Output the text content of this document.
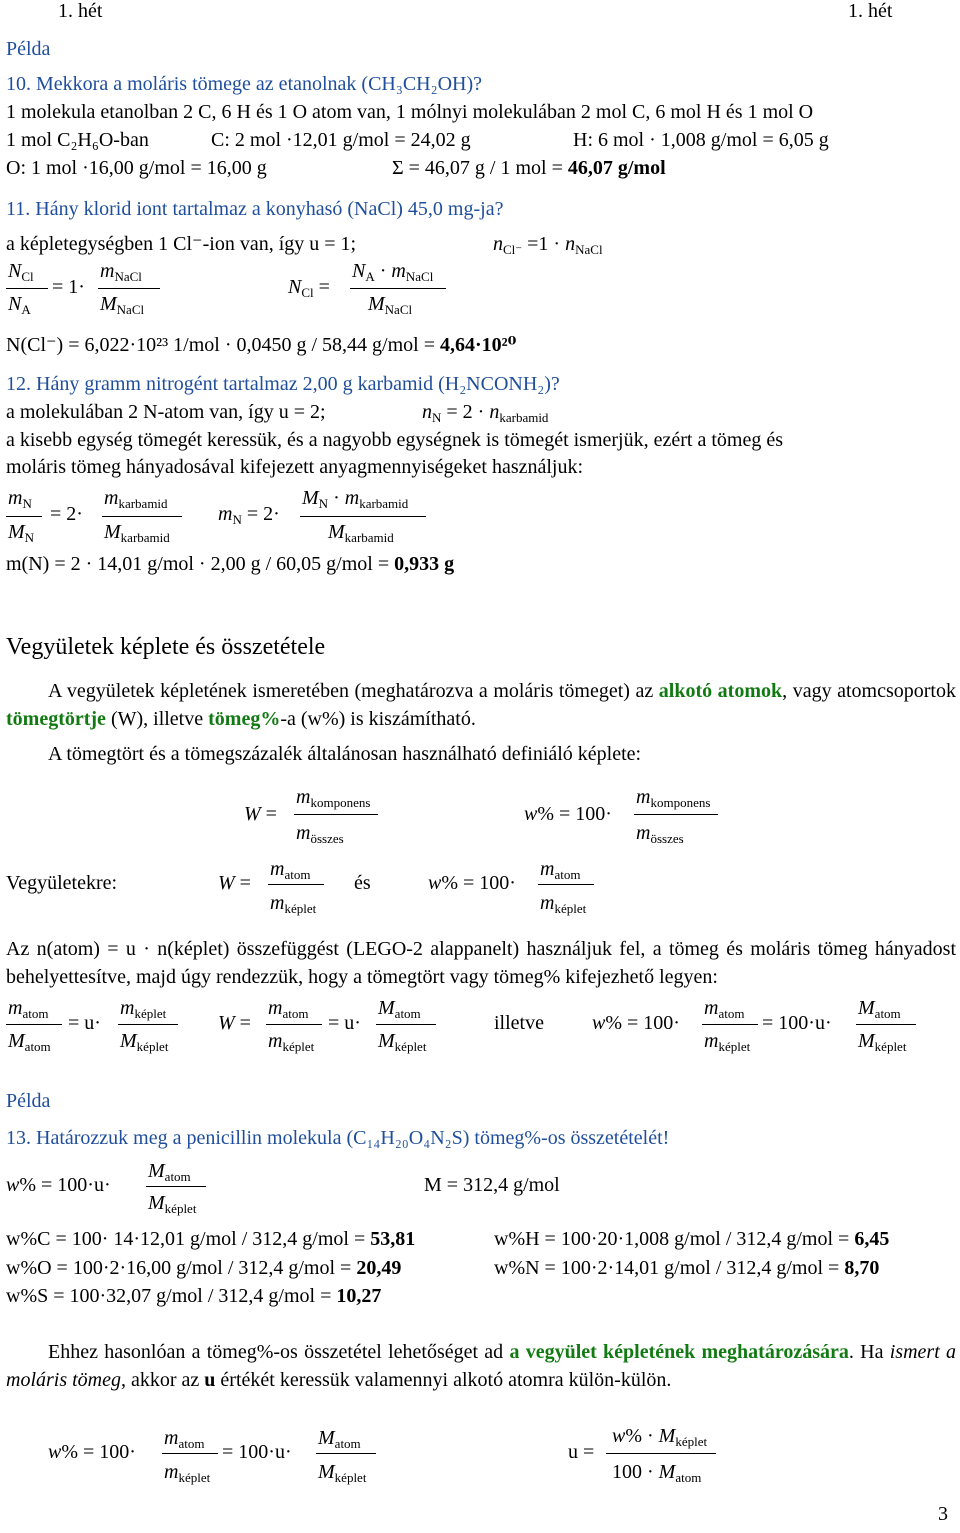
1. hét	1. hét
Példa
10. Mekkora a moláris tömege az etanolnak (CH₃CH₂OH)?
1 molekula etanolban 2 C, 6 H és 1 O atom van, 1 mólnyi molekulában 2 mol C, 6 mol H és 1 mol O
1 mol C₂H₆O-ban	C: 2 mol ·12,01 g/mol = 24,02 g	H: 6 mol · 1,008 g/mol = 6,05 g
O: 1 mol ·16,00 g/mol = 16,00 g	Σ = 46,07 g / 1 mol = 46,07 g/mol
11. Hány klorid iont tartalmaz a konyhasó (NaCl) 45,0 mg-ja?
a képletegységben 1 Cl⁻-ion van, így u = 1;	$n_{Cl^-} =1 \cdot n_{NaCl}$
$N_{Cl}$
$N_A$
= 1·
$m_{NaCl}$
$M_{NaCl}$
$N_{Cl}$ =
$N_A \cdot m_{NaCl}$
$M_{NaCl}$
N(Cl⁻) = 6,022·10²³ 1/mol · 0,0450 g / 58,44 g/mol = 4,64·10²⁰
12. Hány gramm nitrogént tartalmaz 2,00 g karbamid (H₂NCONH₂)?
a molekulában 2 N-atom van, így u = 2;	$n_N = 2 \cdot n_{karbamid}$
a kisebb egység tömegét keressük, és a nagyobb egységnek is tömegét ismerjük, ezért a tömeg és
moláris tömeg hányadosával kifejezett anyagmennyiségeket használjuk:
$m_N$
$M_N$
= 2·
$m_{karbamid}$
$M_{karbamid}$
$m_N = 2\cdot$
$M_N \cdot m_{karbamid}$
$M_{karbamid}$
m(N) = 2 · 14,01 g/mol · 2,00 g / 60,05 g/mol = 0,933 g
Vegyületek képlete és összetétele
A vegyületek képletének ismeretében (meghatározva a moláris tömeget) az alkotó atomok, vagy atomcsoportok tömegtörtje (W), illetve tömeg%-a (w%) is kiszámítható.
A tömegtört és a tömegszázalék általánosan használható definiáló képlete:
W =
$m_{komponens}$
$m_{összes}$
w% = 100·
$m_{komponens}$
$m_{összes}$
Vegyületekre:	W =
$m_{atom}$
$m_{képlet}$
és	w% = 100·
$m_{atom}$
$m_{képlet}$
Az n(atom) = u · n(képlet) összefüggést (LEGO-2 alappanelt) használjuk fel, a tömeg és moláris tömeg hányadost behelyettesítve, majd úgy rendezzük, hogy a tömegtört vagy tömeg% kifejezhető legyen:
$m_{atom}$
$M_{atom}$
= u·
$m_{képlet}$
$M_{képlet}$
W =
$m_{atom}$
$m_{képlet}$
= u·
$M_{atom}$
$M_{képlet}$
illetve w% = 100·
$m_{atom}$
$m_{képlet}$
= 100·u·
$M_{atom}$
$M_{képlet}$
Példa
13. Határozzuk meg a penicillin molekula (C₁₄H₂₀O₄N₂S) tömeg%-os összetételét!
w% = 100·u·
$M_{atom}$
$M_{képlet}$
M = 312,4 g/mol
w%C = 100· 14·12,01 g/mol / 312,4 g/mol = 53,81	w%H = 100·20·1,008 g/mol / 312,4 g/mol = 6,45
w%O = 100·2·16,00 g/mol / 312,4 g/mol = 20,49	w%N = 100·2·14,01 g/mol / 312,4 g/mol = 8,70
w%S = 100·32,07 g/mol / 312,4 g/mol = 10,27
Ehhez hasonlóan a tömeg%-os összetétel lehetőséget ad a vegyület képletének meghatározására. Ha ismert a moláris tömeg, akkor az u értékét keressük valamennyi alkotó atomra külön-külön.
w% = 100·
$m_{atom}$
$m_{képlet}$
= 100·u·
$M_{atom}$
$M_{képlet}$
u =
$w\% \cdot M_{képlet}$
$100 \cdot M_{atom}$
3
